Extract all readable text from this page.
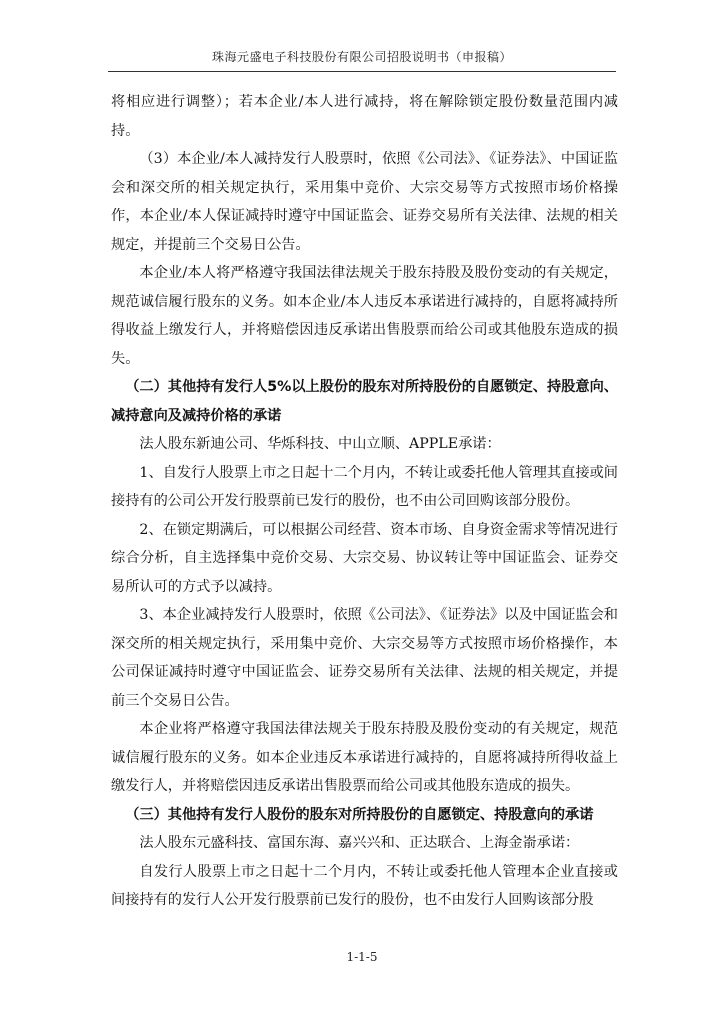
珠海元盛电子科技股份有限公司招股说明书（申报稿）

将相应进行调整）；若本企业/本人进行减持，将在解除锁定股份数量范围内减持。

（3）本企业/本人减持发行人股票时，依照《公司法》、《证券法》、中国证监会和深交所的相关规定执行，采用集中竞价、大宗交易等方式按照市场价格操作，本企业/本人保证减持时遵守中国证监会、证券交易所有关法律、法规的相关规定，并提前三个交易日公告。

本企业/本人将严格遵守我国法律法规关于股东持股及股份变动的有关规定，规范诚信履行股东的义务。如本企业/本人违反本承诺进行减持的，自愿将减持所得收益上缴发行人，并将赔偿因违反承诺出售股票而给公司或其他股东造成的损失。

（二）其他持有发行人5%以上股份的股东对所持股份的自愿锁定、持股意向、减持意向及减持价格的承诺

法人股东新迪公司、华烁科技、中山立顺、APPLE承诺：

1、自发行人股票上市之日起十二个月内，不转让或委托他人管理其直接或间接持有的公司公开发行股票前已发行的股份，也不由公司回购该部分股份。

2、在锁定期满后，可以根据公司经营、资本市场、自身资金需求等情况进行综合分析，自主选择集中竞价交易、大宗交易、协议转让等中国证监会、证券交易所认可的方式予以减持。

3、本企业减持发行人股票时，依照《公司法》、《证券法》以及中国证监会和深交所的相关规定执行，采用集中竞价、大宗交易等方式按照市场价格操作，本公司保证减持时遵守中国证监会、证券交易所有关法律、法规的相关规定，并提前三个交易日公告。

本企业将严格遵守我国法律法规关于股东持股及股份变动的有关规定，规范诚信履行股东的义务。如本企业违反本承诺进行减持的，自愿将减持所得收益上缴发行人，并将赔偿因违反承诺出售股票而给公司或其他股东造成的损失。

（三）其他持有发行人股份的股东对所持股份的自愿锁定、持股意向的承诺

法人股东元盛科技、富国东海、嘉兴兴和、正达联合、上海金嵛承诺：

自发行人股票上市之日起十二个月内，不转让或委托他人管理本企业直接或间接持有的发行人公开发行股票前已发行的股份，也不由发行人回购该部分股

1-1-5
